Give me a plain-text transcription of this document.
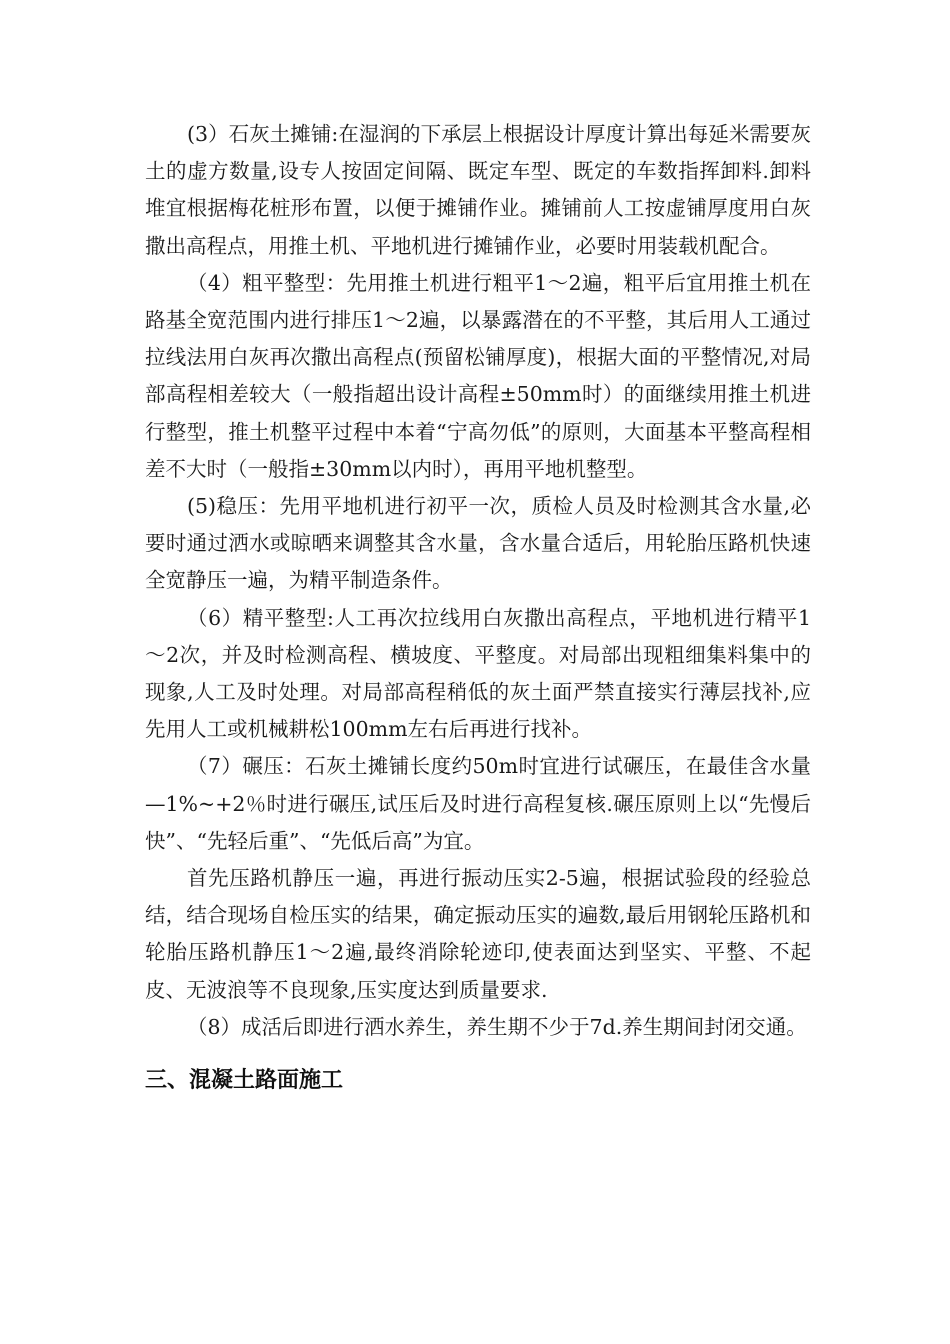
(3）石灰土摊铺:在湿润的下承层上根据设计厚度计算出每延米需要灰土的虚方数量,设专人按固定间隔、既定车型、既定的车数指挥卸料.卸料堆宜根据梅花桩形布置，以便于摊铺作业。摊铺前人工按虚铺厚度用白灰撒出高程点，用推土机、平地机进行摊铺作业，必要时用装载机配合。

（4）粗平整型：先用推土机进行粗平1～2遍，粗平后宜用推土机在路基全宽范围内进行排压1～2遍，以暴露潜在的不平整，其后用人工通过拉线法用白灰再次撒出高程点(预留松铺厚度)，根据大面的平整情况,对局部高程相差较大（一般指超出设计高程±50mm时）的面继续用推土机进行整型，推土机整平过程中本着“宁高勿低”的原则，大面基本平整高程相差不大时（一般指±30mm以内时），再用平地机整型。

(5)稳压：先用平地机进行初平一次，质检人员及时检测其含水量,必要时通过洒水或晾晒来调整其含水量，含水量合适后，用轮胎压路机快速全宽静压一遍，为精平制造条件。

（6）精平整型:人工再次拉线用白灰撒出高程点，平地机进行精平1～2次，并及时检测高程、横坡度、平整度。对局部出现粗细集料集中的现象,人工及时处理。对局部高程稍低的灰土面严禁直接实行薄层找补,应先用人工或机械耕松100mm左右后再进行找补。

（7）碾压：石灰土摊铺长度约50m时宜进行试碾压，在最佳含水量—1%~+2％时进行碾压,试压后及时进行高程复核.碾压原则上以“先慢后快”、“先轻后重”、“先低后高”为宜。

首先压路机静压一遍，再进行振动压实2-5遍，根据试验段的经验总结，结合现场自检压实的结果，确定振动压实的遍数,最后用钢轮压路机和轮胎压路机静压1～2遍,最终消除轮迹印,使表面达到坚实、平整、不起皮、无波浪等不良现象,压实度达到质量要求.

（8）成活后即进行洒水养生，养生期不少于7d.养生期间封闭交通。

三、混凝土路面施工
